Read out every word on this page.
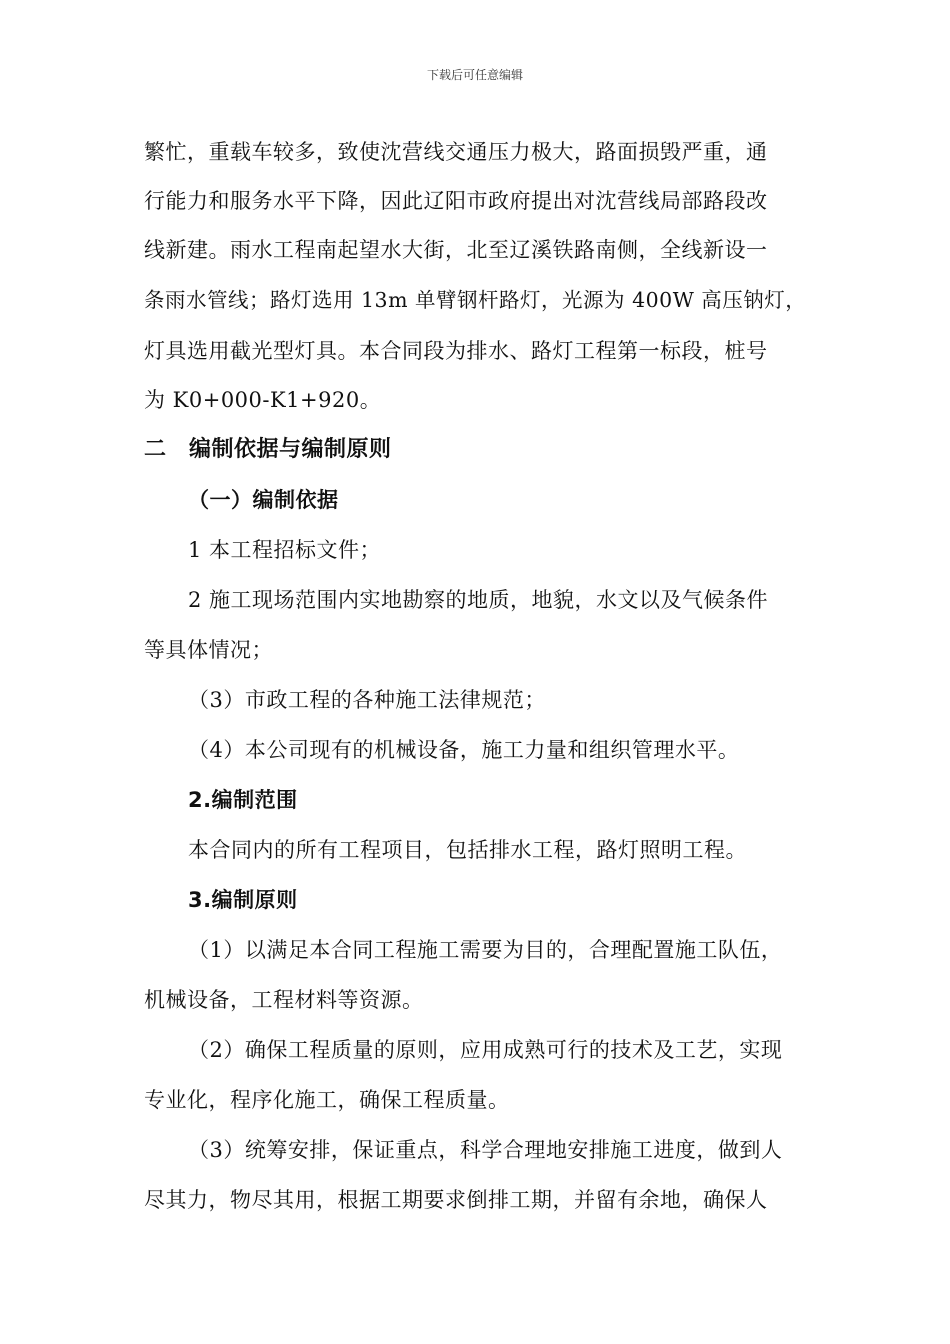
下载后可任意编辑
繁忙，重载车较多，致使沈营线交通压力极大，路面损毁严重，通
行能力和服务水平下降，因此辽阳市政府提出对沈营线局部路段改
线新建。雨水工程南起望水大街，北至辽溪铁路南侧，全线新设一
条雨水管线；路灯选用 13m 单臂钢杆路灯，光源为 400W 高压钠灯，
灯具选用截光型灯具。本合同段为排水、路灯工程第一标段，桩号
为 K0+000-K1+920。
二　编制依据与编制原则
（一）编制依据
1 本工程招标文件；
2 施工现场范围内实地勘察的地质，地貌，水文以及气候条件
等具体情况；
（3）市政工程的各种施工法律规范；
（4）本公司现有的机械设备，施工力量和组织管理水平。
2.编制范围
本合同内的所有工程项目，包括排水工程，路灯照明工程。
3.编制原则
（1）以满足本合同工程施工需要为目的，合理配置施工队伍，
机械设备，工程材料等资源。
（2）确保工程质量的原则，应用成熟可行的技术及工艺，实现
专业化，程序化施工，确保工程质量。
（3）统筹安排，保证重点，科学合理地安排施工进度，做到人
尽其力，物尽其用，根据工期要求倒排工期，并留有余地，确保人
